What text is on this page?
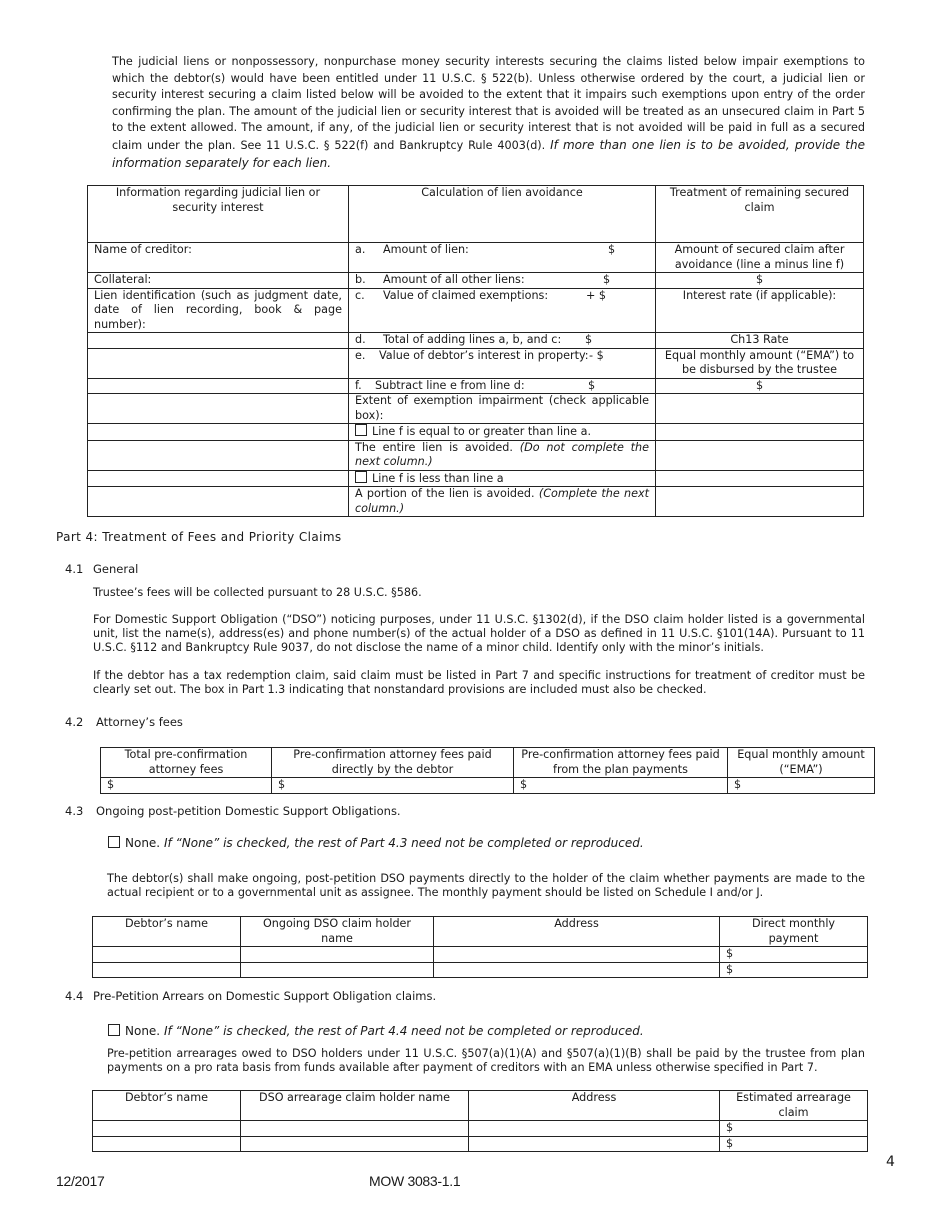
The judicial liens or nonpossessory, nonpurchase money security interests securing the claims listed below impair exemptions to which the debtor(s) would have been entitled under 11 U.S.C. § 522(b). Unless otherwise ordered by the court, a judicial lien or security interest securing a claim listed below will be avoided to the extent that it impairs such exemptions upon entry of the order confirming the plan. The amount of the judicial lien or security interest that is avoided will be treated as an unsecured claim in Part 5 to the extent allowed. The amount, if any, of the judicial lien or security interest that is not avoided will be paid in full as a secured claim under the plan. See 11 U.S.C. § 522(f) and Bankruptcy Rule 4003(d). If more than one lien is to be avoided, provide the information separately for each lien.

Information regarding judicial lien or security interest	Calculation of lien avoidance	Treatment of remaining secured claim
Name of creditor:	a. Amount of lien: $	Amount of secured claim after avoidance (line a minus line f)
Collateral:	b. Amount of all other liens: $	$
Lien identification (such as judgment date, date of lien recording, book & page number):	c. Value of claimed exemptions: + $	Interest rate (if applicable):
	d. Total of adding lines a, b, and c: $	Ch13 Rate
	e. Value of debtor’s interest in property: - $	Equal monthly amount (“EMA”) to be disbursed by the trustee
	f. Subtract line e from line d: $	$
	Extent of exemption impairment (check applicable box):	
	Line f is equal to or greater than line a.	
	The entire lien is avoided. (Do not complete the next column.)	
	Line f is less than line a	
	A portion of the lien is avoided. (Complete the next column.)	
Part 4: Treatment of Fees and Priority Claims
4.1 General

Trustee’s fees will be collected pursuant to 28 U.S.C. §586.

For Domestic Support Obligation (“DSO”) noticing purposes, under 11 U.S.C. §1302(d), if the DSO claim holder listed is a governmental unit, list the name(s), address(es) and phone number(s) of the actual holder of a DSO as defined in 11 U.S.C. §101(14A). Pursuant to 11 U.S.C. §112 and Bankruptcy Rule 9037, do not disclose the name of a minor child. Identify only with the minor’s initials.

If the debtor has a tax redemption claim, said claim must be listed in Part 7 and specific instructions for treatment of creditor must be clearly set out. The box in Part 1.3 indicating that nonstandard provisions are included must also be checked.

4.2 Attorney’s fees
Total pre-confirmation attorney fees	Pre-confirmation attorney fees paid directly by the debtor	Pre-confirmation attorney fees paid from the plan payments	Equal monthly amount (“EMA”)
$	$	$	$
4.3 Ongoing post-petition Domestic Support Obligations.
None. If “None” is checked, the rest of Part 4.3 need not be completed or reproduced.

The debtor(s) shall make ongoing, post-petition DSO payments directly to the holder of the claim whether payments are made to the actual recipient or to a governmental unit as assignee. The monthly payment should be listed on Schedule I and/or J.

Debtor’s name	Ongoing DSO claim holder name	Address	Direct monthly payment
			$
			$
4.4 Pre-Petition Arrears on Domestic Support Obligation claims.
None. If “None” is checked, the rest of Part 4.4 need not be completed or reproduced.

Pre-petition arrearages owed to DSO holders under 11 U.S.C. §507(a)(1)(A) and §507(a)(1)(B) shall be paid by the trustee from plan payments on a pro rata basis from funds available after payment of creditors with an EMA unless otherwise specified in Part 7.

Debtor’s name	DSO arrearage claim holder name	Address	Estimated arrearage claim
			$
			$
4
12/2017	MOW 3083-1.1
